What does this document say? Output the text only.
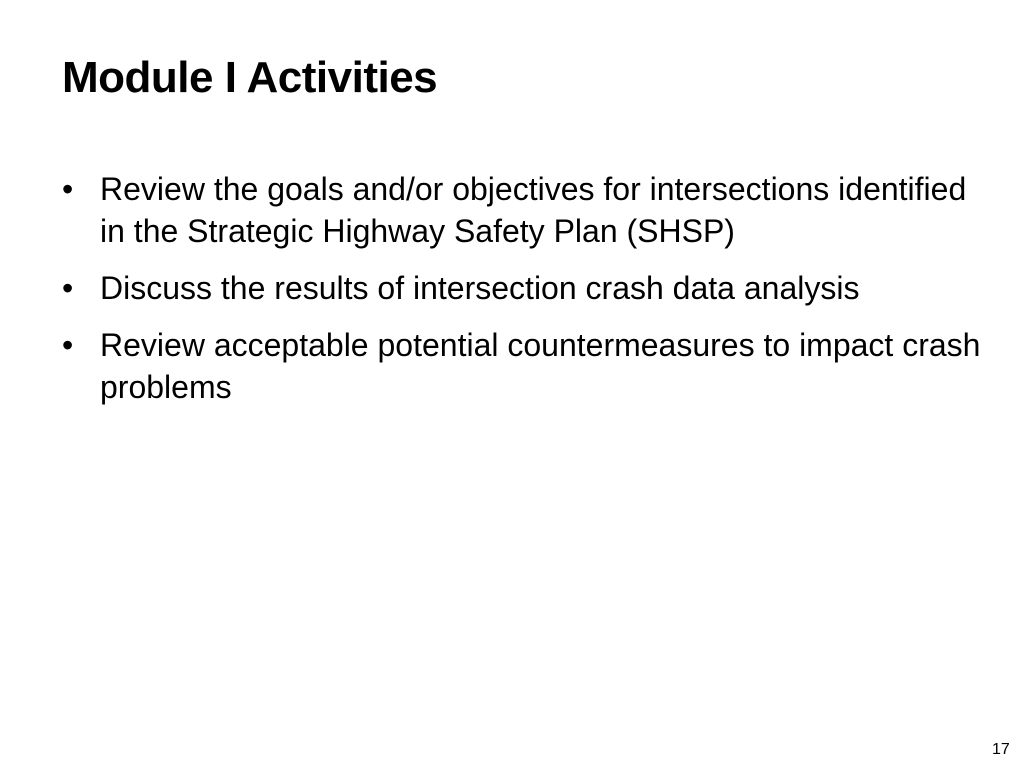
Module I Activities
• Review the goals and/or objectives for intersections identified in the Strategic Highway Safety Plan (SHSP)
• Discuss the results of intersection crash data analysis
• Review acceptable potential countermeasures to impact crash problems
17
